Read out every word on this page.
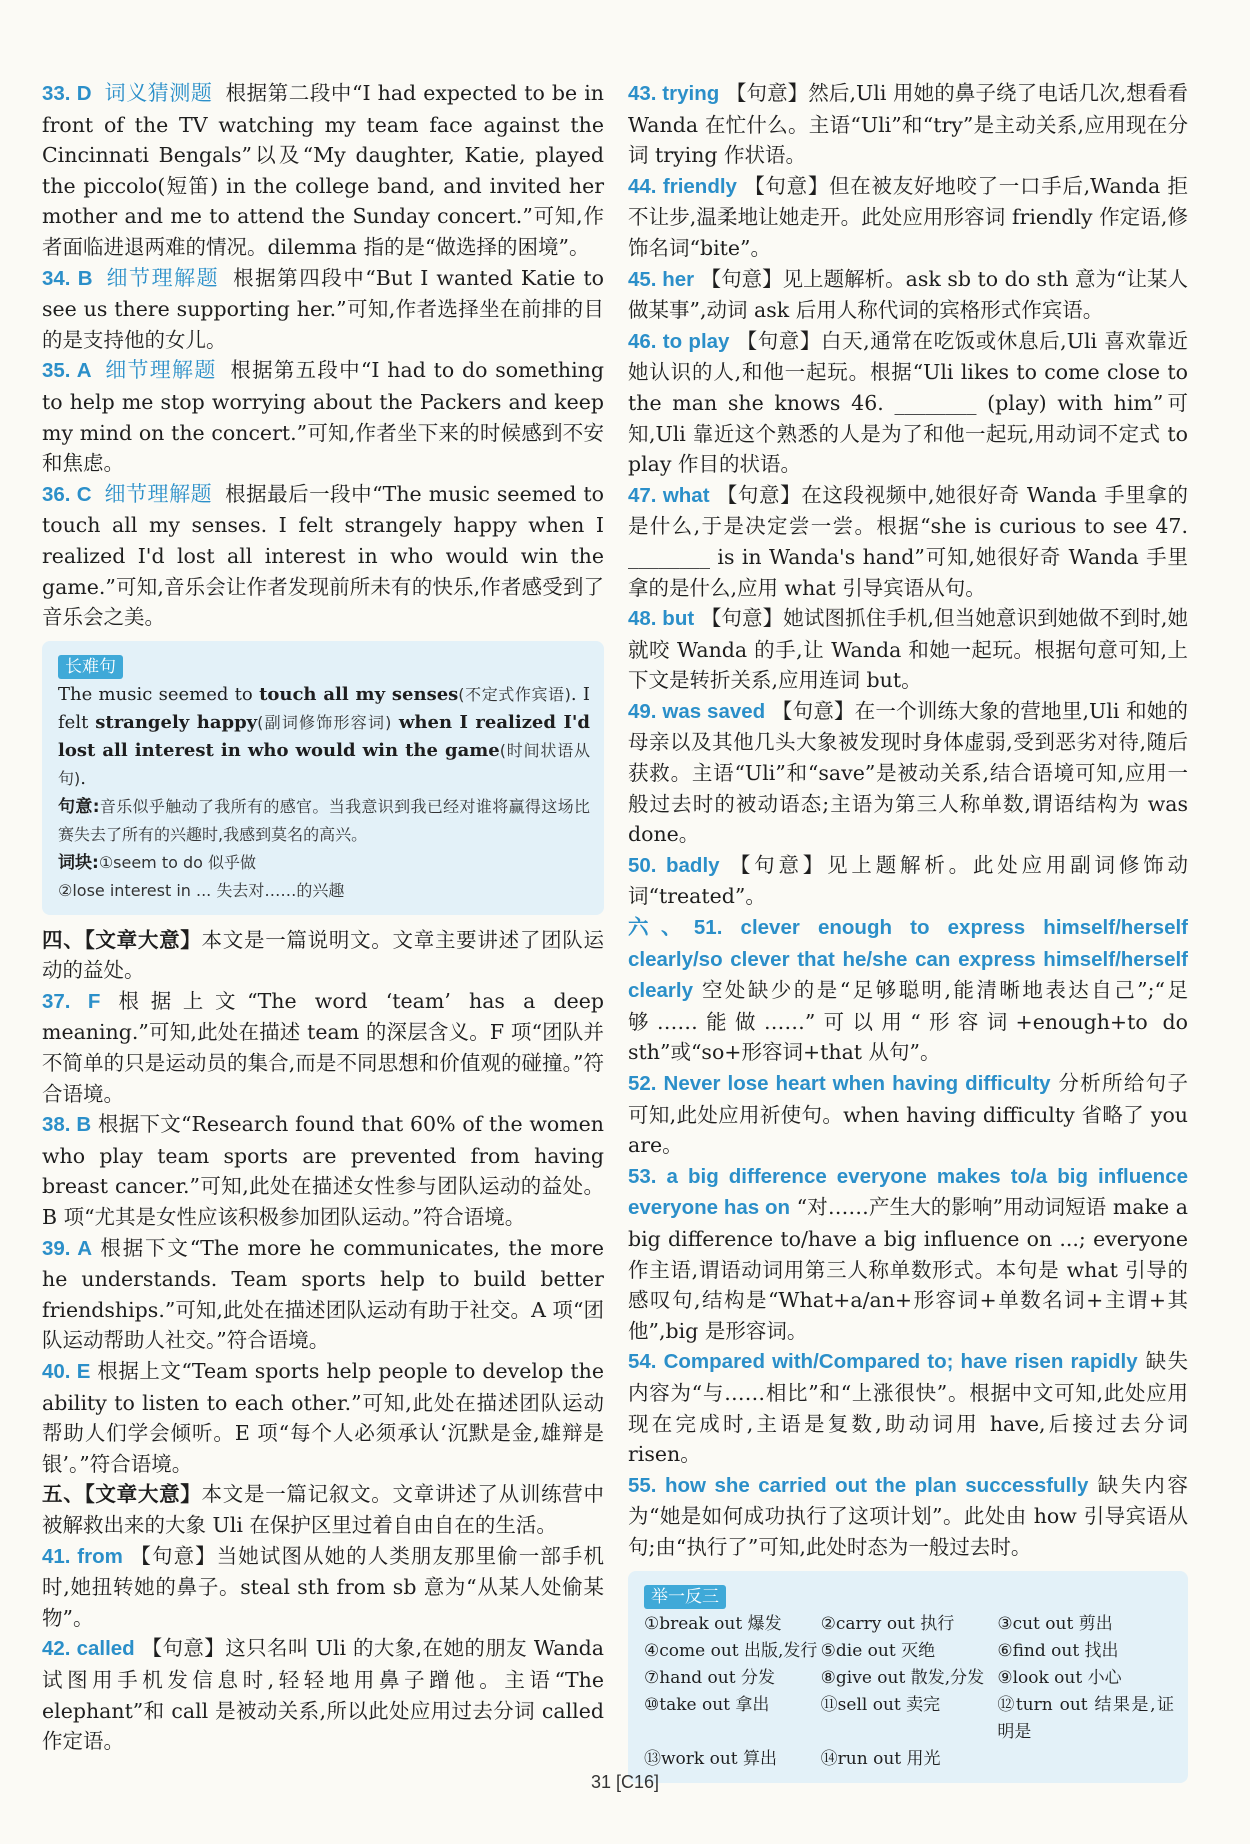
33. D 词义猜测题 根据第二段中“I had expected to be in front of the TV watching my team face against the Cincinnati Bengals”以及“My daughter, Katie, played the piccolo(短笛) in the college band, and invited her mother and me to attend the Sunday concert.”可知,作者面临进退两难的情况。dilemma 指的是“做选择的困境”。

34. B 细节理解题 根据第四段中“But I wanted Katie to see us there supporting her.”可知,作者选择坐在前排的目的是支持他的女儿。

35. A 细节理解题 根据第五段中“I had to do something to help me stop worrying about the Packers and keep my mind on the concert.”可知,作者坐下来的时候感到不安和焦虑。

36. C 细节理解题 根据最后一段中“The music seemed to touch all my senses. I felt strangely happy when I realized I'd lost all interest in who would win the game.”可知,音乐会让作者发现前所未有的快乐,作者感受到了音乐会之美。

长难句
The music seemed to touch all my senses(不定式作宾语). I felt strangely happy(副词修饰形容词) when I realized I'd lost all interest in who would win the game(时间状语从句).
句意:音乐似乎触动了我所有的感官。当我意识到我已经对谁将赢得这场比赛失去了所有的兴趣时,我感到莫名的高兴。
词块:①seem to do 似乎做
②lose interest in ... 失去对……的兴趣

四、【文章大意】本文是一篇说明文。文章主要讲述了团队运动的益处。

37. F 根据上文“The word ‘team’ has a deep meaning.”可知,此处在描述 team 的深层含义。F 项“团队并不简单的只是运动员的集合,而是不同思想和价值观的碰撞。”符合语境。

38. B 根据下文“Research found that 60% of the women who play team sports are prevented from having breast cancer.”可知,此处在描述女性参与团队运动的益处。B 项“尤其是女性应该积极参加团队运动。”符合语境。

39. A 根据下文“The more he communicates, the more he understands. Team sports help to build better friendships.”可知,此处在描述团队运动有助于社交。A 项“团队运动帮助人社交。”符合语境。

40. E 根据上文“Team sports help people to develop the ability to listen to each other.”可知,此处在描述团队运动帮助人们学会倾听。E 项“每个人必须承认‘沉默是金,雄辩是银’。”符合语境。

五、【文章大意】本文是一篇记叙文。文章讲述了从训练营中被解救出来的大象 Uli 在保护区里过着自由自在的生活。

41. from 【句意】当她试图从她的人类朋友那里偷一部手机时,她扭转她的鼻子。steal sth from sb 意为“从某人处偷某物”。

42. called 【句意】这只名叫 Uli 的大象,在她的朋友 Wanda 试图用手机发信息时,轻轻地用鼻子蹭他。主语“The elephant”和 call 是被动关系,所以此处应用过去分词 called 作定语。

43. trying 【句意】然后,Uli 用她的鼻子绕了电话几次,想看看 Wanda 在忙什么。主语“Uli”和“try”是主动关系,应用现在分词 trying 作状语。

44. friendly 【句意】但在被友好地咬了一口手后,Wanda 拒不让步,温柔地让她走开。此处应用形容词 friendly 作定语,修饰名词“bite”。

45. her 【句意】见上题解析。ask sb to do sth 意为“让某人做某事”,动词 ask 后用人称代词的宾格形式作宾语。

46. to play 【句意】白天,通常在吃饭或休息后,Uli 喜欢靠近她认识的人,和他一起玩。根据“Uli likes to come close to the man she knows 46. ________ (play) with him”可知,Uli 靠近这个熟悉的人是为了和他一起玩,用动词不定式 to play 作目的状语。

47. what 【句意】在这段视频中,她很好奇 Wanda 手里拿的是什么,于是决定尝一尝。根据“she is curious to see 47. ________ is in Wanda's hand”可知,她很好奇 Wanda 手里拿的是什么,应用 what 引导宾语从句。

48. but 【句意】她试图抓住手机,但当她意识到她做不到时,她就咬 Wanda 的手,让 Wanda 和她一起玩。根据句意可知,上下文是转折关系,应用连词 but。

49. was saved 【句意】在一个训练大象的营地里,Uli 和她的母亲以及其他几头大象被发现时身体虚弱,受到恶劣对待,随后获救。主语“Uli”和“save”是被动关系,结合语境可知,应用一般过去时的被动语态;主语为第三人称单数,谓语结构为 was done。

50. badly 【句意】见上题解析。此处应用副词修饰动词“treated”。

六、51. clever enough to express himself/herself clearly/so clever that he/she can express himself/herself clearly 空处缺少的是“足够聪明,能清晰地表达自己”;“足够……能做……”可以用“形容词+enough+to do sth”或“so+形容词+that 从句”。

52. Never lose heart when having difficulty 分析所给句子可知,此处应用祈使句。when having difficulty 省略了 you are。

53. a big difference everyone makes to/a big influence everyone has on “对……产生大的影响”用动词短语 make a big difference to/have a big influence on ...; everyone 作主语,谓语动词用第三人称单数形式。本句是 what 引导的感叹句,结构是“What+a/an+形容词+单数名词+主谓+其他”,big 是形容词。

54. Compared with/Compared to; have risen rapidly 缺失内容为“与……相比”和“上涨很快”。根据中文可知,此处应用现在完成时,主语是复数,助动词用 have,后接过去分词 risen。

55. how she carried out the plan successfully 缺失内容为“她是如何成功执行了这项计划”。此处由 how 引导宾语从句;由“执行了”可知,此处时态为一般过去时。

举一反三
①break out 爆发	②carry out 执行	③cut out 剪出
④come out 出版,发行 ⑤die out 灭绝	⑥find out 找出
⑦hand out 分发	⑧give out 散发,分发 ⑨look out 小心
⑩take out 拿出	⑪sell out 卖完	⑫turn out 结果是,证明是
⑬work out 算出	⑭run out 用光
31 [C16]
